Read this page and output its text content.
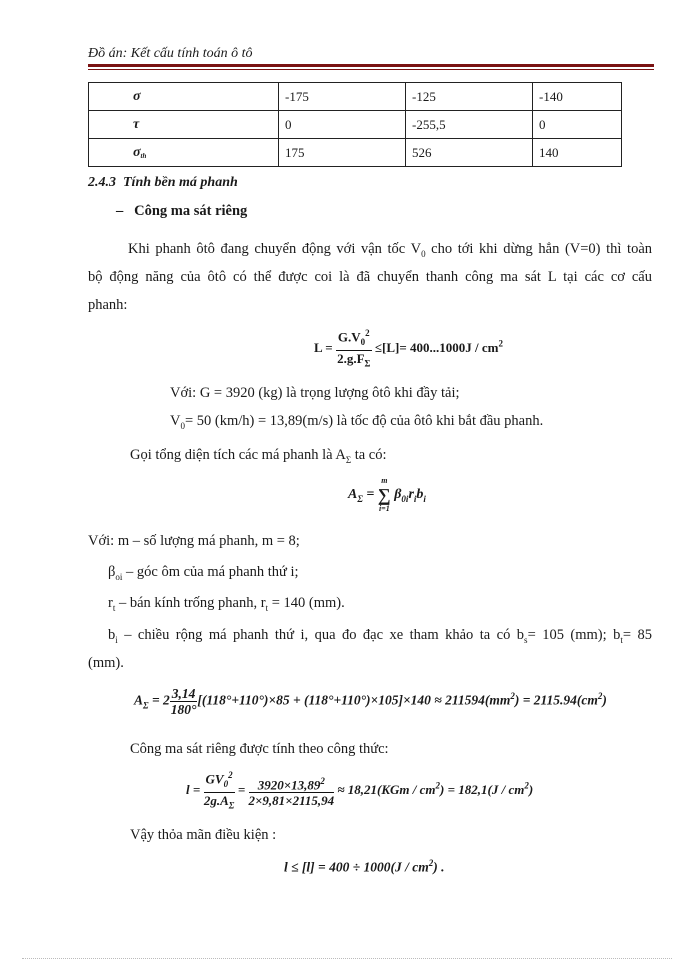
Đồ án: Kết cấu tính toán ô tô
σ	-175	-125	-140
τ	0	-255,5	0
$\sigma_{th}$	175	526	140
2.4.3 Tính bền má phanh
– Công ma sát riêng
Khi phanh ôtô đang chuyển động với vận tốc $V_0$ cho tới khi dừng hẳn (V=0) thì toàn
bộ động năng của ôtô có thể được coi là đã chuyển thanh công ma sát L tại các cơ cấu
phanh:
$L = \frac{G.V_0^2}{2.g.F_\Sigma} \le[L]= 400...1000J / cm^2$
Với: G = 3920 (kg) là trọng lượng ôtô khi đầy tải;
$V_0= 50$ (km/h) = 13,89(m/s) là tốc độ của ôtô khi bắt đầu phanh.
Gọi tổng diện tích các má phanh là $A_\Sigma$ ta có:
$A_\Sigma$ =
m
∑
i=1
$\beta_{0i}r_ib_i$
Với: m – số lượng má phanh, m = 8;
$\beta_{oi}$ – góc ôm của má phanh thứ i;
$r_t$ – bán kính trống phanh, $r_t = 140$ (mm).
$b_i$ – chiều rộng má phanh thứ i, qua đo đạc xe tham khảo ta có $b_s= 105$ (mm); $b_t= 85$
(mm).
$A_\Sigma = 2 \frac{3,14}{180^\circ} [(118^\circ+110^\circ)\times 85 + (118^\circ+110^\circ)\times 105]\times 140 \approx 211594(mm^2) = 2115.94(cm^2)$
Công ma sát riêng được tính theo công thức:
$l = \frac{GV_0^2}{2g.A_\Sigma} = \frac{3920\times 13,89^2}{2\times 9,81\times 2115,94} \approx 18,21(KGm / cm^2) = 182,1(J / cm^2)$
Vậy thỏa mãn điều kiện :
$l \le [l] = 400 \div 1000(J / cm^2)$ .
